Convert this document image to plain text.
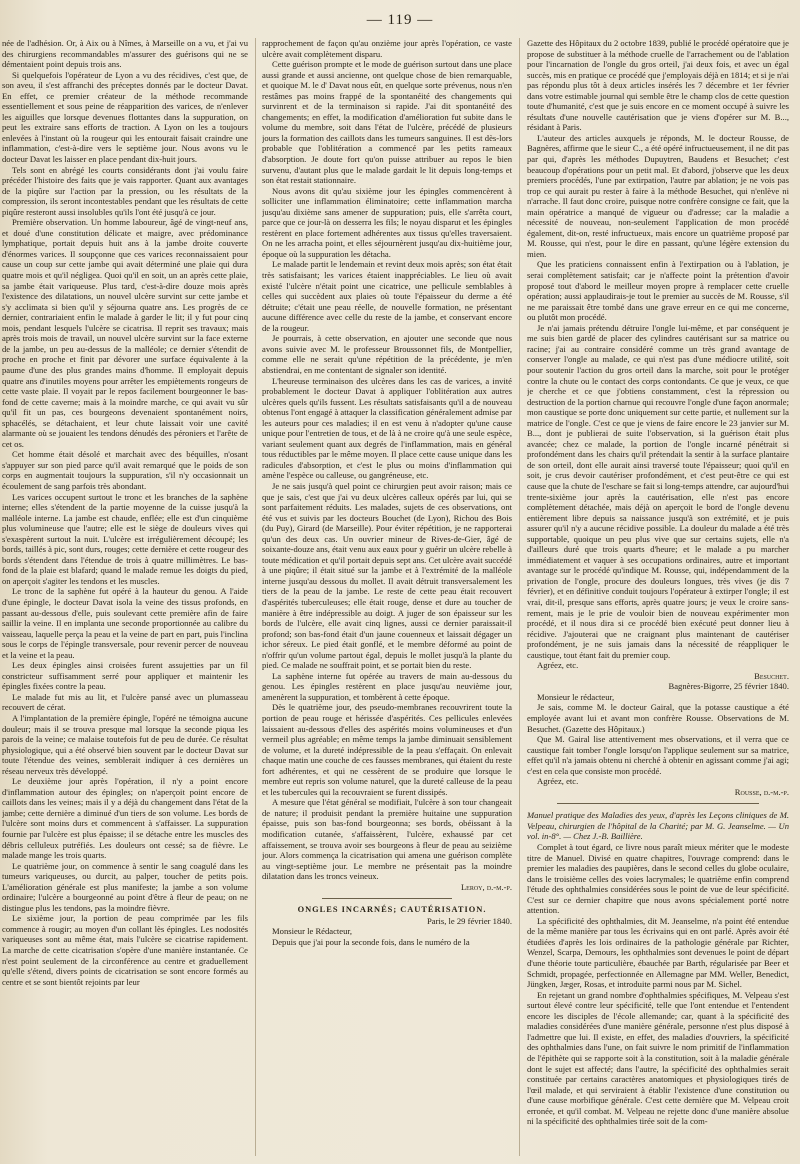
— 119 —

née de l'adhésion. Or, à Aix ou à Nîmes, à Marseille on a vu, et j'ai vu des chirurgiens recommandables m'assurer des guérisons qui ne se démentaient point depuis trois ans.

Si quelquefois l'opérateur de Lyon a vu des récidives, c'est que, de son aveu, il s'est affranchi des préceptes donnés par le docteur Davat. En effet, ce premier créateur de la méthode recommande essentiellement et sous peine de réapparition des varices, de n'enlever les aiguilles que lorsque devenues flottantes dans la suppuration, on peut les extraire sans efforts de traction. A Lyon on les a toujours enlevées à l'instant où la rougeur qui les entourait faisait craindre une inflammation, c'est-à-dire vers le septième jour. Nous avons vu le docteur Davat les laisser en place pendant dix-huit jours.

Tels sont en abrégé les courts considérants dont j'ai voulu faire précéder l'histoire des faits que je vais rapporter. Quant aux avantages de la piqûre sur l'action par la pression, ou les résultats de la compression, ils seront incontestables pendant que les résultats de cette piqûre resteront aussi insolubles qu'ils l'ont été jusqu'à ce jour.

Première observation. Un homme laboureur, âgé de vingt-neuf ans, et doué d'une constitution délicate et maigre, avec prédominance lymphatique, portait depuis huit ans à la jambe droite couverte d'énormes varices. Il soupçonne que ces varices reconnaissaient pour cause un coup sur cette jambe qui avait déterminé une plaie qui dura quatre mois et qu'il négligea. Quoi qu'il en soit, un an après cette plaie, sa jambe était variqueuse. Plus tard, c'est-à-dire douze mois après l'existence des dilatations, un nouvel ulcère survint sur cette jambe et s'y acclimata si bien qu'il y séjourna quatre ans. Les progrès de ce dernier, contrariaient enfin le malade à garder le lit; il y fut pour cinq mois, pendant lesquels l'ulcère se cicatrisa. Il reprit ses travaux; mais après trois mois de travail, un nouvel ulcère survint sur la face externe de la jambe, un peu au-dessus de la malléole; ce dernier s'étendit de proche en proche et finit par dévorer une surface équivalente à la paume d'une des plus grandes mains d'homme. Il employait depuis quatre ans d'inutiles moyens pour arrêter les empiètements rongeurs de cette vaste plaie. Il voyait par le repos facilement bourgeonner le bas-fond de cette caverne; mais à la moindre marche, ce qui avait vu sûr qu'il fit un pas, ces bourgeons devenaient spontanément noirs, sphacélés, se détachaient, et leur chute laissait voir une cavité alarmante où se jouaient les tendons dénudés des péroniers et l'arête de cet os.

Cet homme était désolé et marchait avec des béquilles, n'osant s'appuyer sur son pied parce qu'il avait remarqué que le poids de son corps en augmentait toujours la suppuration, s'il n'y occasionnait un écoulement de sang parfois très abondant.

Les varices occupent surtout le tronc et les branches de la saphène interne; elles s'étendent de la partie moyenne de la cuisse jusqu'à la malléole interne. La jambe est chaude, enflée; elle est d'un cinquième plus volumineuse que l'autre; elle est le siège de douleurs vives qui s'exaspèrent surtout la nuit. L'ulcère est irrégulièrement découpé; les bords, taillés à pic, sont durs, rouges; cette dernière et cette rougeur des bords s'étendent dans l'étendue de trois à quatre millimètres. Le bas-fond de la plaie est blafard; quand le malade remue les doigts du pied, on aperçoit s'agiter les tendons et les muscles.

Le tronc de la saphène fut opéré à la hauteur du genou. A l'aide d'une épingle, le docteur Davat isola la veine des tissus profonds, en passant au-dessous d'elle, puis soulevant cette première afin de faire saillir la veine. Il en implanta une seconde proportionnée au calibre du vaisseau, laquelle perça la peau et la veine de part en part, puis l'inclina sous le corps de l'épingle transversale, pour revenir percer de nouveau et la veine et la peau.

Les deux épingles ainsi croisées furent assujetties par un fil constricteur suffisamment serré pour appliquer et maintenir les épingles fixées contre la peau.

Le malade fut mis au lit, et l'ulcère pansé avec un plumasseau recouvert de cérat.

A l'implantation de la première épingle, l'opéré ne témoigna aucune douleur; mais il se trouva presque mal lorsque la seconde piqua les parois de la veine; ce malaise toutefois fut de peu de durée. Ce résultat physiologique, qui a été observé bien souvent par le docteur Davat sur toute l'étendue des veines, semblerait indiquer à ces dernières un réseau nerveux très développé.

Le deuxième jour après l'opération, il n'y a point encore d'inflammation autour des épingles; on n'aperçoit point encore de caillots dans les veines; mais il y a déjà du changement dans l'état de la jambe; cette dernière a diminué d'un tiers de son volume. Les bords de l'ulcère sont moins durs et commencent à s'affaisser. La suppuration fournie par l'ulcère est plus épaisse; il se détache entre les muscles des débris celluleux putréfiés. Les douleurs ont cessé; sa de fièvre. Le malade mange les trois quarts.

Le quatrième jour, on commence à sentir le sang coagulé dans les tumeurs variqueuses, ou durcit, au palper, toucher de petits pois. L'amélioration générale est plus manifeste; la jambe a son volume ordinaire; l'ulcère a bourgeonné au point d'être à fleur de peau; on ne distingue plus les tendons, pas la moindre fièvre.

Le sixième jour, la portion de peau comprimée par les fils commence à rougir; au moyen d'un collant lès épingles. Les nodosités variqueuses sont au même état, mais l'ulcère se cicatrise rapidement. La marche de cette cicatrisation s'opère d'une manière instantanée. Ce n'est point seulement de la circonférence au centre et graduellement qu'elle s'étend, divers points de cicatrisation se sont encore formés au centre et se sont bientôt rejoints par leur

rapprochement de façon qu'au onzième jour après l'opération, ce vaste ulcère avait complètement disparu.

Cette guérison prompte et le mode de guérison surtout dans une place aussi grande et aussi ancienne, ont quelque chose de bien remarquable, et quoique M. le d' Davat nous eût, en quelque sorte prévenus, nous n'en restâmes pas moins frappé de la spontanéité des changements qui survinrent et de la terminaison si rapide. J'ai dit spontanéité des changements; en effet, la modification d'amélioration fut subite dans le volume du membre, soit dans l'état de l'ulcère, précédé de plusieurs jours la formation des caillots dans les tumeurs sanguines. Il est dès-lors probable que l'oblitération a commencé par les petits rameaux d'absorption. Je doute fort qu'on puisse attribuer au repos le bien survenu, d'autant plus que le malade gardait le lit depuis long-temps et son état restait stationnaire.

Nous avons dit qu'au sixième jour les épingles commencèrent à solliciter une inflammation éliminatoire; cette inflammation marcha jusqu'au dixième sans amener de suppuration; puis, elle s'arrêta court, parce que ce jour-là on desserra les fils; le noyau disparut et les épingles restèrent en place fortement adhérentes aux tissus qu'elles traversaient. On ne les arracha point, et elles séjournèrent jusqu'au dix-huitième jour, époque où la suppuration les détacha.

Le malade partit le lendemain et revint deux mois après; son état était très satisfaisant; les varices étaient inappréciables. Le lieu où avait existé l'ulcère n'était point une cicatrice, une pellicule semblables à celles qui succèdent aux plaies où toute l'épaisseur du derme a été détruite; c'était une peau réelle, de nouvelle formation, ne présentant aucune différence avec celle du reste de la jambe, et conservant encore de la rougeur.

Je pourrais, à cette observation, en ajouter une seconde que nous avons suivie avec M. le professeur Broussonnet fils, de Montpellier, comme elle ne serait qu'une répétition de la précédente, je m'en abstiendrai, en me contentant de signaler son identité.

L'heureuse terminaison des ulcères dans les cas de varices, a invité probablement le docteur Davat à appliquer l'oblitération aux autres ulcères quels qu'ils fussent. Les résultats satisfaisants qu'il a de nouveau obtenus l'ont engagé à attaquer la classification généralement admise par les auteurs pour ces maladies; il en est venu à n'adopter qu'une cause unique pour l'entretien de tous, et de là à ne croire qu'à une seule espèce, variant seulement quant aux degrés de l'inflammation, mais en général tous réductibles par le même moyen. Il place cette cause unique dans les radicules d'absorption, et c'est le plus ou moins d'inflammation qui amène l'espèce ou calleuse, ou gangréneuse, etc.

Je ne sais jusqu'à quel point ce chirurgien peut avoir raison; mais ce que je sais, c'est que j'ai vu deux ulcères calleux opérés par lui, qui se sont parfaitement réduits. Les malades, sujets de ces observations, ont été vus et suivis par les docteurs Bouchet (de Lyon), Richou des Bois (du Puy), Girard (de Marseille). Pour éviter répétition, je ne rapporterai qu'un des deux cas. Un ouvrier mineur de Rives-de-Gier, âgé de soixante-douze ans, était venu aux eaux pour y guérir un ulcère rebelle à toute médication et qu'il portait depuis sept ans. Cet ulcère avait succédé à une piqûre; il était situé sur la jambe et à l'extrémité de la malléole interne jusqu'au dessous du mollet. Il avait détruit transversalement les tiers de la peau de la jambe. Le reste de cette peau était recouvert d'aspérités tuberculeuses; elle était rouge, dense et dure au toucher de manière à être indépressible au doigt. A juger de son épaisseur sur les bords de l'ulcère, elle avait cinq lignes, aussi ce dernier paraissait-il profond; son bas-fond était d'un jaune couenneux et laissait dégager un ichor séreux. Le pied était gonflé, et le membre déformé au point de n'offrir qu'un volume partout égal, depuis le mollet jusqu'à la plante du pied. Ce malade ne souffrait point, et se portait bien du reste.

La saphène interne fut opérée au travers de main au-dessous du genou. Les épingles restèrent en place jusqu'au neuvième jour, amenèrent la suppuration, et tombèrent à cette époque.

Dès le quatrième jour, des pseudo-membranes recouvrirent toute la portion de peau rouge et hérissée d'aspérités. Ces pellicules enlevées laissaient au-dessous d'elles des aspérités moins volumineuses et d'un vermeil plus agréable; en même temps la jambe diminuait sensiblement de volume, et la dureté indépressible de la peau s'effaçait. On enlevait chaque matin une couche de ces fausses membranes, qui étaient du reste fort adhérentes, et qui ne cessèrent de se produire que lorsque le membre eut repris son volume naturel, que la dureté calleuse de la peau et les tubercules qui la recouvraient se furent dissipés.

A mesure que l'état général se modifiait, l'ulcère à son tour changeait de nature; il produisit pendant la première huitaine une suppuration épaisse, puis son bas-fond bourgeonna; ses bords, obéissant à la modification cutanée, s'affaissèrent, l'ulcère, exhaussé par cet affaissement, se trouva avoir ses bourgeons à fleur de peau au seizième jour. Alors commença la cicatrisation qui amena une guérison complète au vingt-septième jour. Le membre ne présentait pas la moindre dilatation dans les troncs veineux.

Leroy, d.-m.-p.

ONGLES INCARNÉS; CAUTÉRISATION.

Paris, le 29 février 1840.

Monsieur le Rédacteur,

Depuis que j'ai pour la seconde fois, dans le numéro de la

Gazette des Hôpitaux du 2 octobre 1839, publié le procédé opératoire que je propose de substituer à la méthode cruelle de l'arrachement ou de l'ablation pour l'incarnation de l'ongle du gros orteil, j'ai deux fois, et avec un égal succès, mis en pratique ce procédé que j'employais déjà en 1814; et si je n'ai pas répondu plus tôt à deux articles insérés les 7 décembre et 1er février dans votre estimable journal qui semble être le champ clos de cette question toute d'humanité, c'est que je suis encore en ce moment occupé à suivre les résultats d'une nouvelle cautérisation que je viens d'opérer sur M. B..., résidant à Paris.

L'auteur des articles auxquels je réponds, M. le docteur Rousse, de Bagnères, affirme que le sieur C., a été opéré infructueusement, il ne dit pas par qui, d'après les méthodes Dupuytren, Baudens et Besuchet; c'est beaucoup d'opérations pour un petit mal. Et d'abord, j'observe que les deux premiers procédés, l'une par extirpation, l'autre par ablation; je ne vois pas trop ce qui aurait pu rester à faire à la méthode Besuchet, qui n'enlève ni n'arrache. Il faut donc croire, puisque notre confrère consigne ce fait, que la main opératrice a manqué de vigueur ou d'adresse; car la maladie a nécessité de nouveau, non-seulement l'application de mon procédé également, dit-on, resté infructueux, mais encore un quatrième proposé par M. Rousse, qui n'est, pour le dire en passant, qu'une légère extension du mien.

Que les praticiens connaissent enfin à l'extirpation ou à l'ablation, je serai complètement satisfait; car je n'affecte point la prétention d'avoir proposé tout d'abord le meilleur moyen propre à remplacer cette cruelle opération; aussi applaudirais-je tout le premier au succès de M. Rousse, s'il ne me paraissait être tombé dans une grave erreur en ce qui me concerne, ou plutôt mon procédé.

Je n'ai jamais prétendu détruire l'ongle lui-même, et par conséquent je me suis bien gardé de placer des cylindres cautérisant sur sa matrice ou racine; j'ai au contraire considéré comme un très grand avantage de conserver l'ongle au malade, ce qui n'est pas d'une médiocre utilité, soit pour soutenir l'action du gros orteil dans la marche, soit pour le protéger contre la chute ou le contact des corps contondants. Ce que je veux, ce que je cherche et ce que j'obtiens constamment, c'est la répression ou destruction de la portion charnue qui recouvre l'ongle d'une façon anormale; mon caustique se porte donc uniquement sur cette partie, et nullement sur la matrice de l'ongle. C'est ce que je viens de faire encore le 23 janvier sur M. B..., dont je publierai de suite l'observation, si la guérison était plus avancée; chez ce malade, la portion de l'ongle incarné pénétrait si profondément dans les chairs qu'il prétendait la sentir à la surface plantaire de son orteil, dont elle aurait ainsi traversé toute l'épaisseur; quoi qu'il en soit, je crus devoir cautériser profondément, et c'est peut-être ce qui est cause que la chute de l'eschare se fait si long-temps attendre, car aujourd'hui trente-sixième jour après la cautérisation, elle n'est pas encore complètement détachée, mais déjà on aperçoit le bord de l'ongle devenu entièrement libre depuis sa naissance jusqu'à son extrémité, et je puis assurer qu'il n'y a aucune récidive possible. La douleur du malade a été très supportable, quoique un peu plus vive que sur certains sujets, elle n'a d'ailleurs duré que trois quarts d'heure; et le malade a pu marcher immédiatement et vaquer à ses occupations ordinaires, autre et important avantage sur le procédé qu'indique M. Rousse, qui, indépendamment de la privation de l'ongle, procure des douleurs longues, très vives (je dis 7 février), et en définitive conduit toujours l'opérateur à extirper l'ongle; il est vrai, dit-il, presque sans efforts, après quatre jours; je veux le croire sans-rement, mais je le prie de vouloir bien de nouveau expérimenter mon procédé, et il nous dira si ce procédé bien exécuté peut donner lieu à récidive. J'ajouterai que ne craignant plus maintenant de cautériser profondément, je ne suis jamais dans la nécessité de réappliquer le caustique, tout étant fait du premier coup.

Agréez, etc.

Besuchet.

Bagnères-Bigorre, 25 février 1840.

Monsieur le rédacteur,

Je sais, comme M. le docteur Gairal, que la potasse caustique a été employée avant lui et avant mon confrère Rousse. Observations de M. Besuchet. (Gazette des Hôpitaux.)

Que M. Gairal lise attentivement mes observations, et il verra que ce caustique fait tomber l'ongle lorsqu'on l'applique seulement sur sa matrice, effet qu'il n'a jamais obtenu ni cherché à obtenir en agissant comme j'ai agi; c'est en cela que consiste mon procédé.

Agréez, etc.

Rousse, d.-m.-p.

Manuel pratique des Maladies des yeux, d'après les Leçons cliniques de M. Velpeau, chirurgien de l'hôpital de la Charité; par M. G. Jeanselme. — Un vol. in-8°. — Chez J.-B. Baillière.

Complet à tout égard, ce livre nous paraît mieux mériter que le modeste titre de Manuel. Divisé en quatre chapitres, l'ouvrage comprend: dans le premier les maladies des paupières, dans le second celles du globe oculaire, dans le troisième celles des voies lacrymales; le quatrième enfin comprend l'étude des ophthalmies considérées sous le point de vue de leur spécificité. C'est sur ce dernier chapitre que nous avons spécialement porté notre attention.

La spécificité des ophthalmies, dit M. Jeanselme, n'a point été entendue de la même manière par tous les écrivains qui en ont parlé. Après avoir été étudiées d'après les lois ordinaires de la pathologie générale par Richter, Wenzel, Scarpa, Demours, les ophthalmies sont devenues le point de départ d'une théorie toute particulière, ébauchée par Barth, régularisée par Beer et Schmidt, propagée, perfectionnée en Allemagne par MM. Weller, Benedict, Jüngken, Jæger, Rosas, et introduite parmi nous par M. Sichel.

En rejetant un grand nombre d'ophthalmies spécifiques, M. Velpeau s'est surtout élevé contre leur spécificité, telle que l'ont entendue et l'entendent encore les disciples de l'école allemande; car, quant à la spécificité des maladies considérées d'une manière générale, personne n'est plus disposé à l'admettre que lui. Il existe, en effet, des maladies d'ouvriers, la spécificité des ophthalmies dans l'une, on fait suivre le nom primitif de l'inflammation de l'épithète qui se rapporte soit à la constitution, soit à la maladie générale dont le sujet est affecté; dans l'autre, la spécificité des ophthalmies serait constituée par certains caractères anatomiques et physiologiques tirés de l'œil malade, et qui serviraient à établir l'existence d'une constitution ou d'une cause morbifique générale. C'est cette dernière que M. Velpeau croit erronée, et qu'il combat. M. Velpeau ne rejette donc d'une manière absolue ni la spécificité des ophthalmies tirée soit de la com-
